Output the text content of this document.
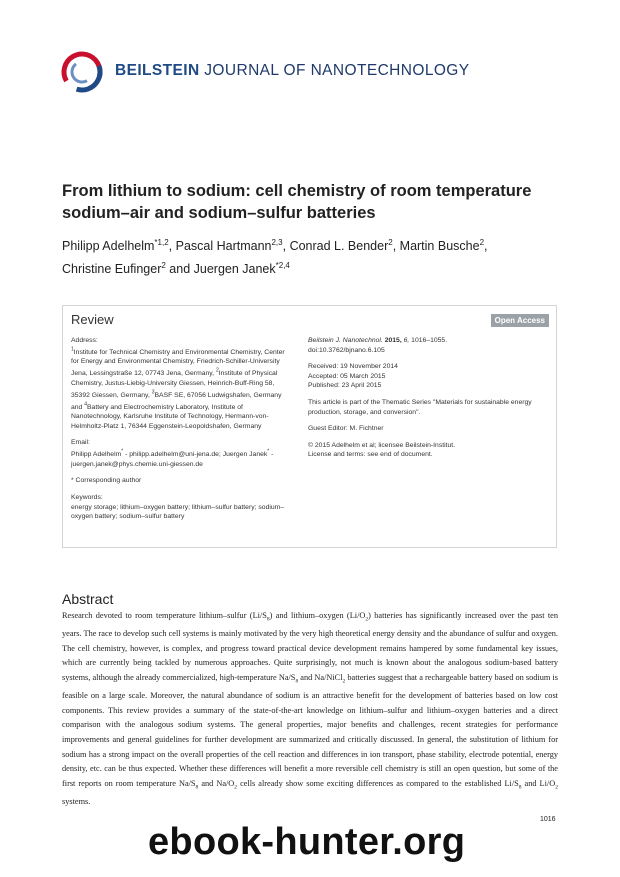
BEILSTEIN JOURNAL OF NANOTECHNOLOGY
From lithium to sodium: cell chemistry of room temperature sodium–air and sodium–sulfur batteries
Philipp Adelhelm$^{*1,2}$, Pascal Hartmann$^{2,3}$, Conrad L. Bender$^2$, Martin Busche$^2$,
Christine Eufinger$^2$ and Juergen Janek$^{*2,4}$
Review	Open Access

Address:
$^1$Institute for Technical Chemistry and Environmental Chemistry, Center for Energy and Environmental Chemistry, Friedrich-Schiller-University Jena, Lessingstraße 12, 07743 Jena, Germany, $^2$Institute of Physical Chemistry, Justus-Liebig-University Giessen, Heinrich-Buff-Ring 58, 35392 Giessen, Germany, $^3$BASF SE, 67056 Ludwigshafen, Germany and $^4$Battery and Electrochemistry Laboratory, Institute of Nanotechnology, Karlsruhe Institute of Technology, Hermann-von-Helmholtz-Platz 1, 76344 Eggenstein-Leopoldshafen, Germany

Email:
Philipp Adelhelm* - philipp.adelhelm@uni-jena.de; Juergen Janek* - juergen.janek@phys.chemie.uni-giessen.de

* Corresponding author

Keywords:
energy storage; lithium–oxygen battery; lithium–sulfur battery; sodium–oxygen battery; sodium–sulfur battery

Beilstein J. Nanotechnol. 2015, 6, 1016–1055.
doi:10.3762/bjnano.6.105

Received: 19 November 2014
Accepted: 05 March 2015
Published: 23 April 2015

This article is part of the Thematic Series "Materials for sustainable energy production, storage, and conversion".

Guest Editor: M. Fichtner

© 2015 Adelhelm et al; licensee Beilstein-Institut.
License and terms: see end of document.

Abstract
Research devoted to room temperature lithium–sulfur $(Li/S_8)$ and lithium–oxygen $(Li/O_2)$ batteries has significantly increased over the past ten years. The race to develop such cell systems is mainly motivated by the very high theoretical energy density and the abundance of sulfur and oxygen. The cell chemistry, however, is complex, and progress toward practical device development remains hampered by some fundamental key issues, which are currently being tackled by numerous approaches. Quite surprisingly, not much is known about the analogous sodium-based battery systems, although the already commercialized, high-temperature $Na/S_8$ and Na/NiCl$_2$ batteries suggest that a rechargeable battery based on sodium is feasible on a large scale. Moreover, the natural abundance of sodium is an attractive benefit for the development of batteries based on low cost components. This review provides a summary of the state-of-the-art knowledge on lithium–sulfur and lithium–oxygen batteries and a direct comparison with the analogous sodium systems. The general properties, major benefits and challenges, recent strategies for performance improvements and general guidelines for further development are summarized and critically discussed. In general, the substitution of lithium for sodium has a strong impact on the overall properties of the cell reaction and differences in ion transport, phase stability, electrode potential, energy density, etc. can be thus expected. Whether these differences will benefit a more reversible cell chemistry is still an open question, but some of the first reports on room temperature $Na/S_8$ and $Na/O_2$ cells already show some exciting differences as compared to the established $Li/S_8$ and $Li/O_2$ systems.
1016
ebook-hunter.org
